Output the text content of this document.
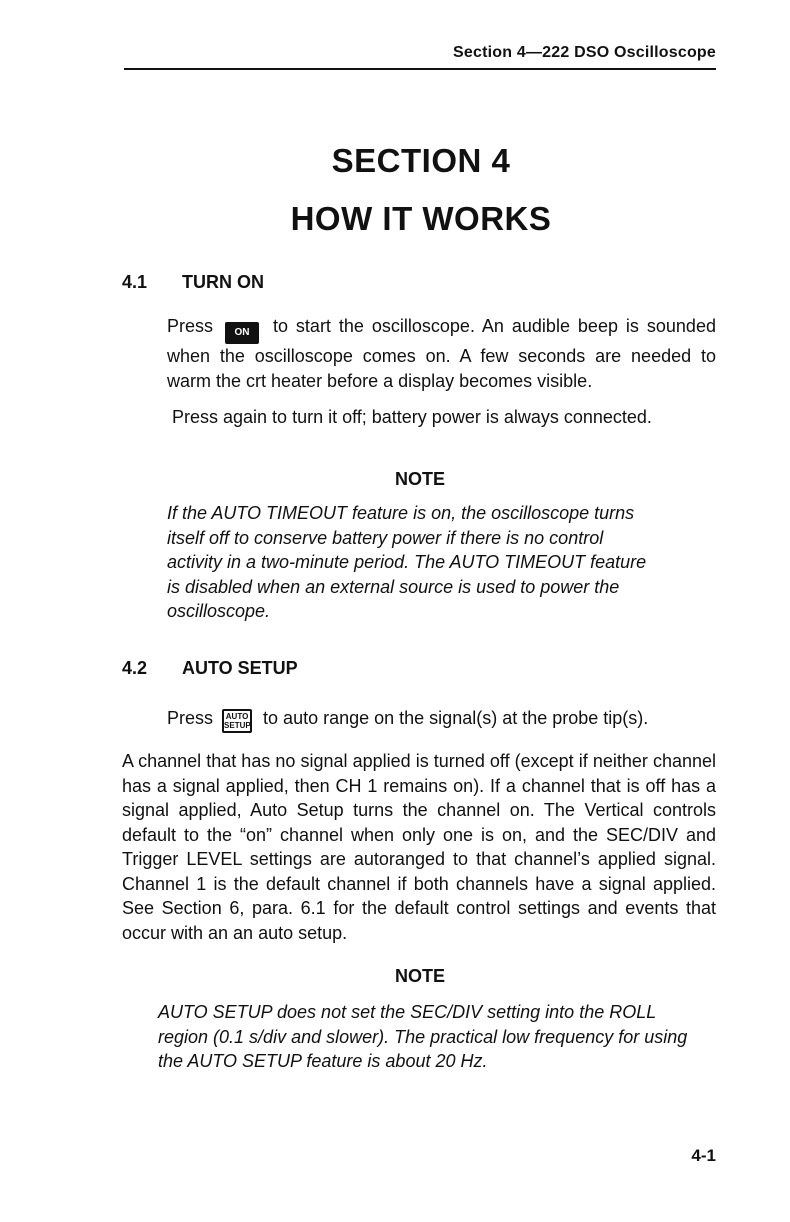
Section 4—222 DSO Oscilloscope
SECTION 4
HOW IT WORKS
4.1 TURN ON

Press ON to start the oscilloscope. An audible beep is sounded when the oscilloscope comes on. A few seconds are needed to warm the crt heater before a display becomes visible.

Press again to turn it off; battery power is always connected.

NOTE

If the AUTO TIMEOUT feature is on, the oscilloscope turns itself off to conserve battery power if there is no control activity in a two-minute period. The AUTO TIMEOUT feature is disabled when an external source is used to power the oscilloscope.

4.2 AUTO SETUP

Press AUTO
SETUP to auto range on the signal(s) at the probe tip(s).

A channel that has no signal applied is turned off (except if neither channel has a signal applied, then CH 1 remains on). If a channel that is off has a signal applied, Auto Setup turns the channel on. The Vertical controls default to the “on” channel when only one is on, and the SEC/DIV and Trigger LEVEL settings are autoranged to that channel’s applied signal. Channel 1 is the default channel if both channels have a signal applied. See Section 6, para. 6.1 for the default control settings and events that occur with an an auto setup.

NOTE

AUTO SETUP does not set the SEC/DIV setting into the ROLL region (0.1 s/div and slower). The practical low frequency for using the AUTO SETUP feature is about 20 Hz.

4-1
